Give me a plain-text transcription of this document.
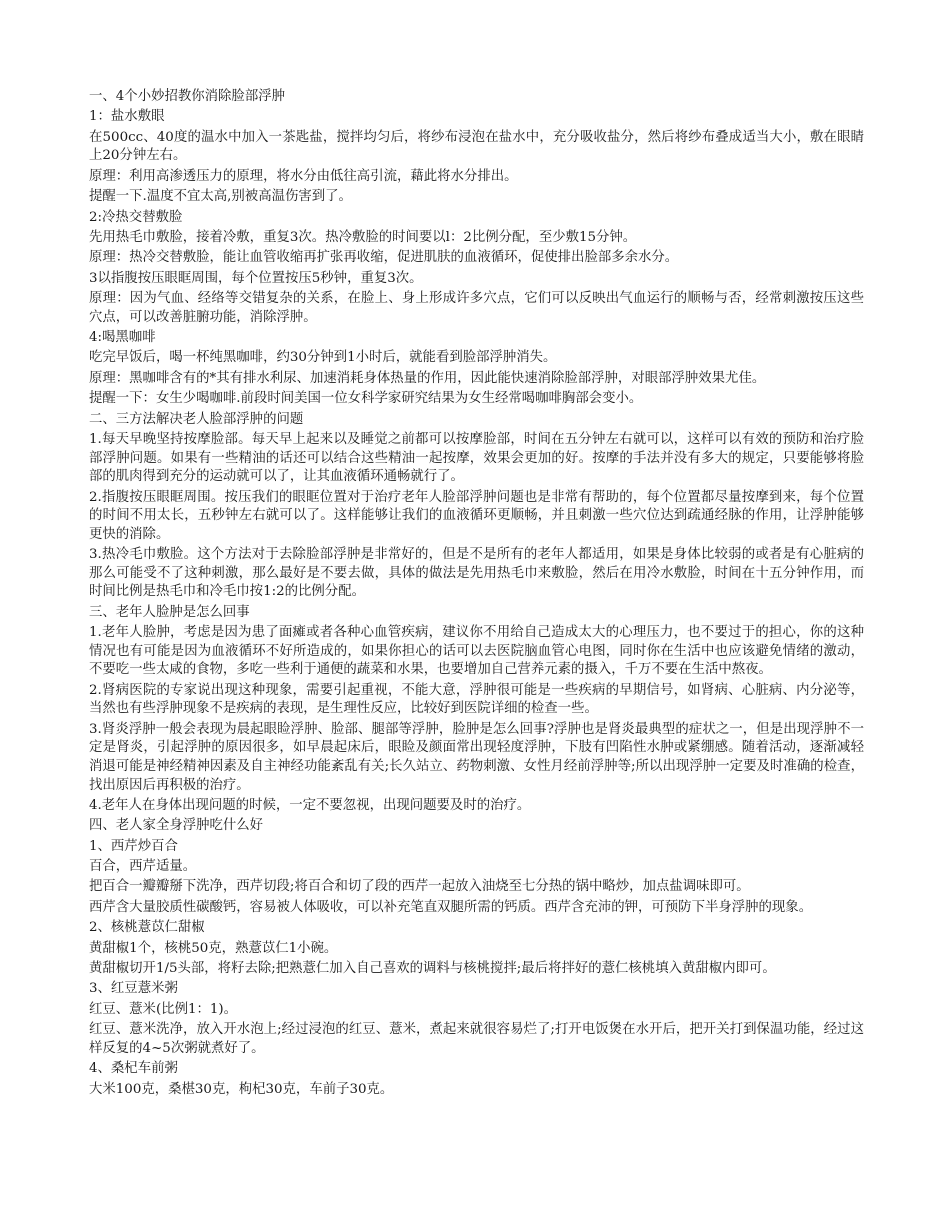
一、4个小妙招教你消除脸部浮肿

1：盐水敷眼

在500cc、40度的温水中加入一茶匙盐，搅拌均匀后，将纱布浸泡在盐水中，充分吸收盐分，然后将纱布叠成适当大小，敷在眼睛上20分钟左右。

原理：利用高渗透压力的原理，将水分由低往高引流，藉此将水分排出。

提醒一下.温度不宜太高,别被高温伤害到了。

2:冷热交替敷脸

先用热毛巾敷脸，接着冷敷，重复3次。热冷敷脸的时间要以l：2比例分配，至少敷15分钟。

原理：热冷交替敷脸，能让血管收缩再扩张再收缩，促进肌肤的血液循环，促使排出脸部多余水分。

3以指腹按压眼眶周围，每个位置按压5秒钟，重复3次。

原理：因为气血、经络等交错复杂的关系，在脸上、身上形成许多穴点，它们可以反映出气血运行的顺畅与否，经常刺激按压这些穴点，可以改善脏腑功能，消除浮肿。

4:喝黑咖啡

吃完早饭后，喝一杯纯黑咖啡，约30分钟到1小时后，就能看到脸部浮肿消失。

原理：黑咖啡含有的*其有排水利尿、加速消耗身体热量的作用，因此能快速消除脸部浮肿，对眼部浮肿效果尤佳。

提醒一下：女生少喝咖啡.前段时间美国一位女科学家研究结果为女生经常喝咖啡胸部会变小。

二、三方法解决老人脸部浮肿的问题

1.每天早晚坚持按摩脸部。每天早上起来以及睡觉之前都可以按摩脸部，时间在五分钟左右就可以，这样可以有效的预防和治疗脸部浮肿问题。如果有一些精油的话还可以结合这些精油一起按摩，效果会更加的好。按摩的手法并没有多大的规定，只要能够将脸部的肌肉得到充分的运动就可以了，让其血液循环通畅就行了。

2.指腹按压眼眶周围。按压我们的眼眶位置对于治疗老年人脸部浮肿问题也是非常有帮助的，每个位置都尽量按摩到来，每个位置的时间不用太长，五秒钟左右就可以了。这样能够让我们的血液循环更顺畅，并且刺激一些穴位达到疏通经脉的作用，让浮肿能够更快的消除。

3.热冷毛巾敷脸。这个方法对于去除脸部浮肿是非常好的，但是不是所有的老年人都适用，如果是身体比较弱的或者是有心脏病的那么可能受不了这种刺激，那么最好是不要去做，具体的做法是先用热毛巾来敷脸，然后在用冷水敷脸，时间在十五分钟作用，而时间比例是热毛巾和冷毛巾按1:2的比例分配。

三、老年人脸肿是怎么回事

1.老年人脸肿，考虑是因为患了面瘫或者各种心血管疾病，建议你不用给自己造成太大的心理压力，也不要过于的担心，你的这种情况也有可能是因为血液循环不好所造成的，如果你担心的话可以去医院脑血管心电图，同时你在生活中也应该避免情绪的激动，不要吃一些太咸的食物，多吃一些利于通便的蔬菜和水果，也要增加自己营养元素的摄入，千万不要在生活中熬夜。

2.肾病医院的专家说出现这种现象，需要引起重视，不能大意，浮肿很可能是一些疾病的早期信号，如肾病、心脏病、内分泌等，当然也有些浮肿现象不是疾病的表现，是生理性反应，比较好到医院详细的检查一些。

3.肾炎浮肿一般会表现为晨起眼睑浮肿、脸部、腿部等浮肿，脸肿是怎么回事?浮肿也是肾炎最典型的症状之一，但是出现浮肿不一定是肾炎，引起浮肿的原因很多，如早晨起床后，眼睑及颜面常出现轻度浮肿，下肢有凹陷性水肿或紧绷感。随着活动，逐渐减轻消退可能是神经精神因素及自主神经功能紊乱有关;长久站立、药物刺激、女性月经前浮肿等;所以出现浮肿一定要及时准确的检查，找出原因后再积极的治疗。

4.老年人在身体出现问题的时候，一定不要忽视，出现问题要及时的治疗。

四、老人家全身浮肿吃什么好

1、西芹炒百合

百合，西芹适量。

把百合一瓣瓣掰下洗净，西芹切段;将百合和切了段的西芹一起放入油烧至七分热的锅中略炒，加点盐调味即可。

西芹含大量胶质性碳酸钙，容易被人体吸收，可以补充笔直双腿所需的钙质。西芹含充沛的钾，可预防下半身浮肿的现象。

2、核桃薏苡仁甜椒

黄甜椒1个，核桃50克，熟薏苡仁1小碗。

黄甜椒切开1/5头部，将籽去除;把熟薏仁加入自己喜欢的调料与核桃搅拌;最后将拌好的薏仁核桃填入黄甜椒内即可。

3、红豆薏米粥

红豆、薏米(比例1：1)。

红豆、薏米洗净，放入开水泡上;经过浸泡的红豆、薏米，煮起来就很容易烂了;打开电饭煲在水开后，把开关打到保温功能，经过这样反复的4~5次粥就煮好了。

4、桑杞车前粥

大米100克，桑椹30克，枸杞30克，车前子30克。
